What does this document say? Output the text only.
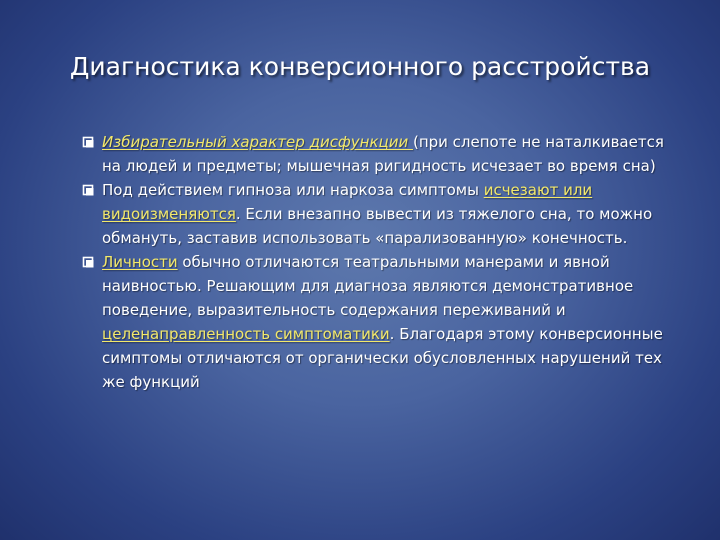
Диагностика конверсионного расстройства
Избирательный характер дисфункции (при слепоте не наталкивается на людей и предметы; мышечная ригидность исчезает во время сна)
Под действием гипноза или наркоза симптомы исчезают или видоизменяются. Если внезапно вывести из тяжелого сна, то можно обмануть, заставив использовать «парализованную» конечность.
Личности обычно отличаются театральными манерами и явной наивностью. Решающим для диагноза являются демонстративное поведение, выразительность содержания переживаний и целенаправленность симптоматики. Благодаря этому конверсионные симптомы отличаются от органически обусловленных нарушений тех же функций
